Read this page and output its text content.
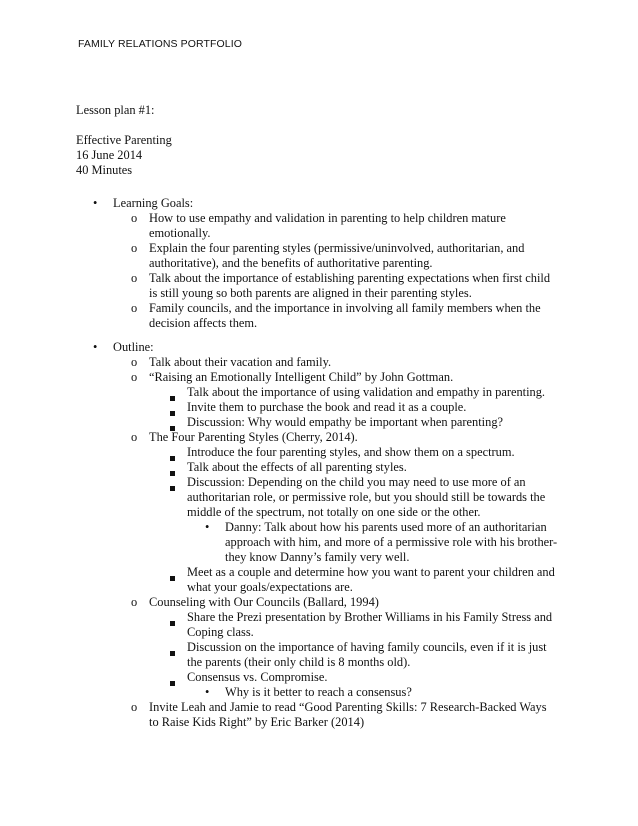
FAMILY RELATIONS PORTFOLIO
Lesson plan #1:
Effective Parenting
16 June 2014
40 Minutes
• Learning Goals:
o How to use empathy and validation in parenting to help children mature
emotionally.
o Explain the four parenting styles (permissive/uninvolved, authoritarian, and
authoritative), and the benefits of authoritative parenting.
o Talk about the importance of establishing parenting expectations when first child
is still young so both parents are aligned in their parenting styles.
o Family councils, and the importance in involving all family members when the
decision affects them.
• Outline:
o Talk about their vacation and family.
o “Raising an Emotionally Intelligent Child” by John Gottman.
Talk about the importance of using validation and empathy in parenting.
Invite them to purchase the book and read it as a couple.
Discussion: Why would empathy be important when parenting?
o The Four Parenting Styles (Cherry, 2014).
Introduce the four parenting styles, and show them on a spectrum.
Talk about the effects of all parenting styles.
Discussion: Depending on the child you may need to use more of an
authoritarian role, or permissive role, but you should still be towards the
middle of the spectrum, not totally on one side or the other.
• Danny: Talk about how his parents used more of an authoritarian
approach with him, and more of a permissive role with his brother-
they know Danny’s family very well.
Meet as a couple and determine how you want to parent your children and
what your goals/expectations are.
o Counseling with Our Councils (Ballard, 1994)
Share the Prezi presentation by Brother Williams in his Family Stress and
Coping class.
Discussion on the importance of having family councils, even if it is just
the parents (their only child is 8 months old).
Consensus vs. Compromise.
• Why is it better to reach a consensus?
o Invite Leah and Jamie to read “Good Parenting Skills: 7 Research-Backed Ways
to Raise Kids Right” by Eric Barker (2014)
